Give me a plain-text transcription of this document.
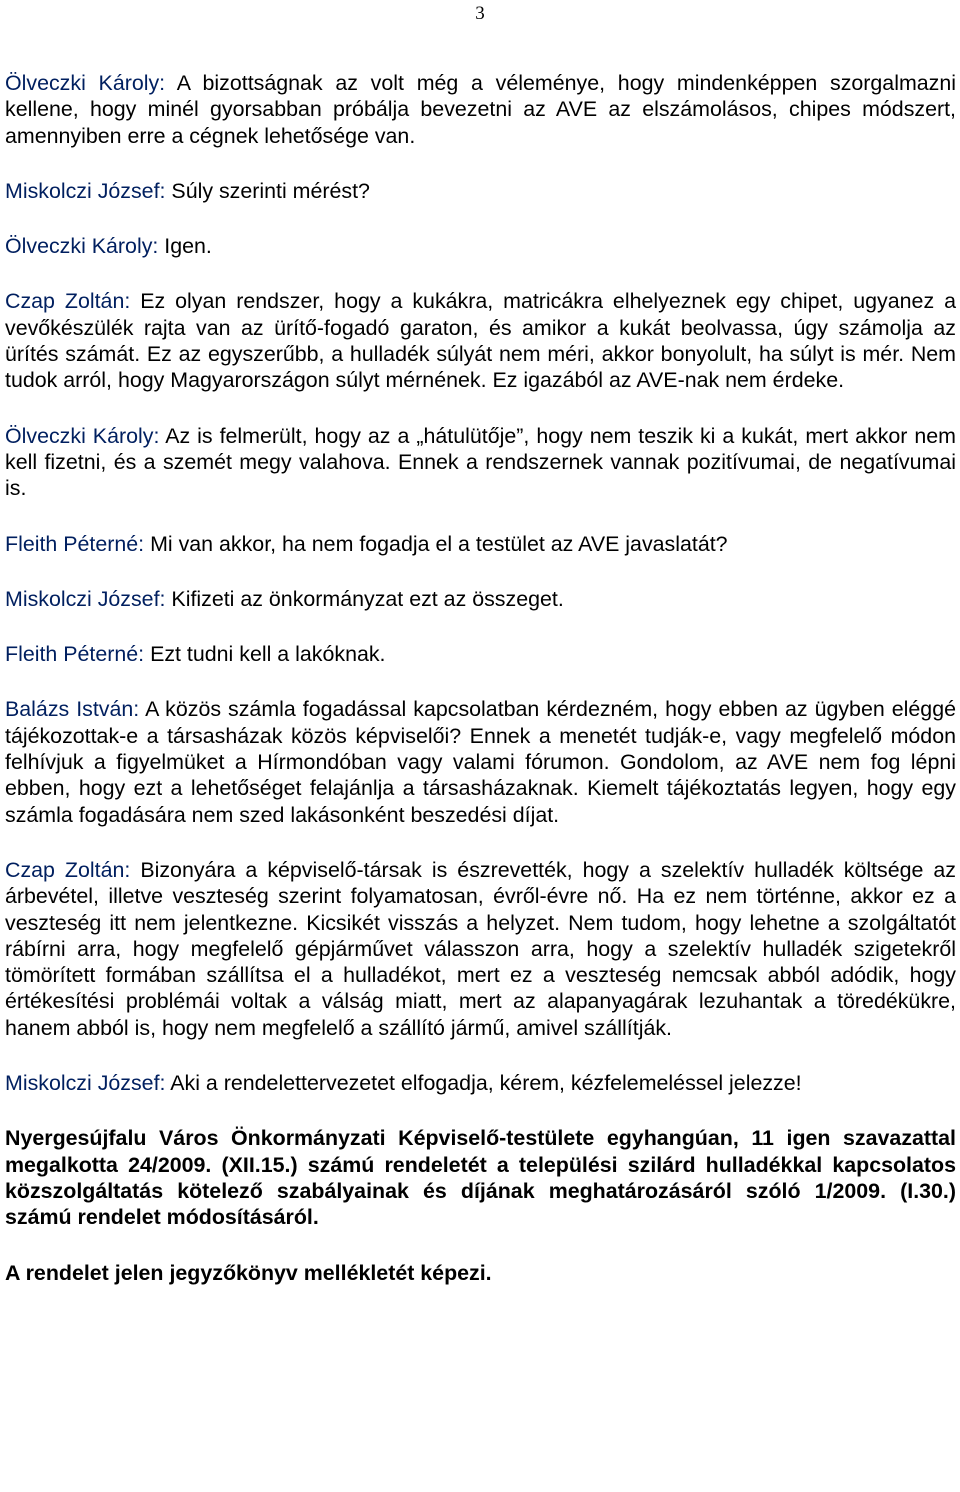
3

Ölveczki Károly: A bizottságnak az volt még a véleménye, hogy mindenképpen szorgalmazni kellene, hogy minél gyorsabban próbálja bevezetni az AVE az elszámolásos, chipes módszert, amennyiben erre a cégnek lehetősége van.

Miskolczi József: Súly szerinti mérést?

Ölveczki Károly: Igen.

Czap Zoltán: Ez olyan rendszer, hogy a kukákra, matricákra elhelyeznek egy chipet, ugyanez a vevőkészülék rajta van az ürítő-fogadó garaton, és amikor a kukát beolvassa, úgy számolja az ürítés számát. Ez az egyszerűbb, a hulladék súlyát nem méri, akkor bonyolult, ha súlyt is mér. Nem tudok arról, hogy Magyarországon súlyt mérnének. Ez igazából az AVE-nak nem érdeke.

Ölveczki Károly: Az is felmerült, hogy az a „hátulütője”, hogy nem teszik ki a kukát, mert akkor nem kell fizetni, és a szemét megy valahova. Ennek a rendszernek vannak pozitívumai, de negatívumai is.

Fleith Péterné: Mi van akkor, ha nem fogadja el a testület az AVE javaslatát?

Miskolczi József: Kifizeti az önkormányzat ezt az összeget.

Fleith Péterné: Ezt tudni kell a lakóknak.

Balázs István: A közös számla fogadással kapcsolatban kérdezném, hogy ebben az ügyben eléggé tájékozottak-e a társasházak közös képviselői? Ennek a menetét tudják-e, vagy megfelelő módon felhívjuk a figyelmüket a Hírmondóban vagy valami fórumon. Gondolom, az AVE nem fog lépni ebben, hogy ezt a lehetőséget felajánlja a társasházaknak. Kiemelt tájékoztatás legyen, hogy egy számla fogadására nem szed lakásonként beszedési díjat.

Czap Zoltán: Bizonyára a képviselő-társak is észrevették, hogy a szelektív hulladék költsége az árbevétel, illetve veszteség szerint folyamatosan, évről-évre nő. Ha ez nem történne, akkor ez a veszteség itt nem jelentkezne. Kicsikét visszás a helyzet. Nem tudom, hogy lehetne a szolgáltatót rábírni arra, hogy megfelelő gépjárművet válasszon arra, hogy a szelektív hulladék szigetekről tömörített formában szállítsa el a hulladékot, mert ez a veszteség nemcsak abból adódik, hogy értékesítési problémái voltak a válság miatt, mert az alapanyagárak lezuhantak a töredékükre, hanem abból is, hogy nem megfelelő a szállító jármű, amivel szállítják.

Miskolczi József: Aki a rendelettervezetet elfogadja, kérem, kézfelemeléssel jelezze!

Nyergesújfalu Város Önkormányzati Képviselő-testülete egyhangúan, 11 igen szavazattal megalkotta 24/2009. (XII.15.) számú rendeletét a települési szilárd hulladékkal kapcsolatos közszolgáltatás kötelező szabályainak és díjának meghatározásáról szóló 1/2009. (I.30.) számú rendelet módosításáról.

A rendelet jelen jegyzőkönyv mellékletét képezi.
